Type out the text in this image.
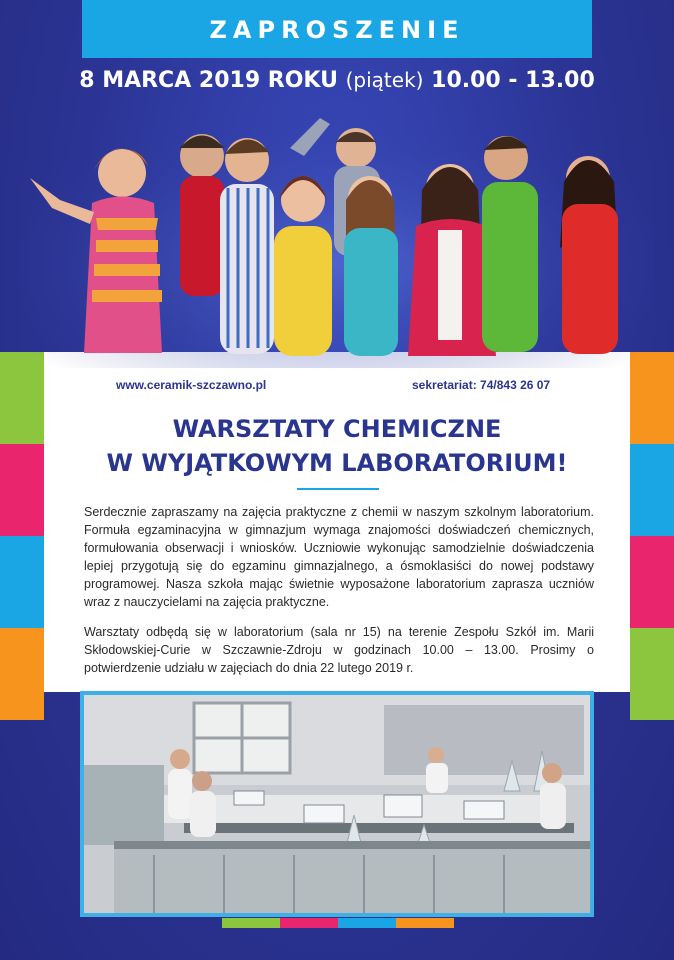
ZAPROSZENIE
8 MARCA 2019 ROKU (piątek) 10.00 - 13.00
www.ceramik-szczawno.pl	sekretariat: 74/843 26 07
WARSZTATY CHEMICZNE
W WYJĄTKOWYM LABORATORIUM!

Serdecznie zapraszamy na zajęcia praktyczne z chemii w naszym szkolnym laboratorium. Formuła egzaminacyjna w gimnazjum wymaga znajomości doświadczeń chemicznych, formułowania obserwacji i wniosków. Uczniowie wykonując samodzielnie doświadczenia lepiej przygotują się do egzaminu gimnazjalnego, a ósmoklasiści do nowej podstawy programowej. Nasza szkoła mając świetnie wyposażone laboratorium zaprasza uczniów wraz z nauczycielami na zajęcia praktyczne.

Warsztaty odbędą się w laboratorium (sala nr 15) na terenie Zespołu Szkół im. Marii Skłodowskiej-Curie w Szczawnie-Zdroju w godzinach 10.00 – 13.00. Prosimy o potwierdzenie udziału w zajęciach do dnia 22 lutego 2019 r.
